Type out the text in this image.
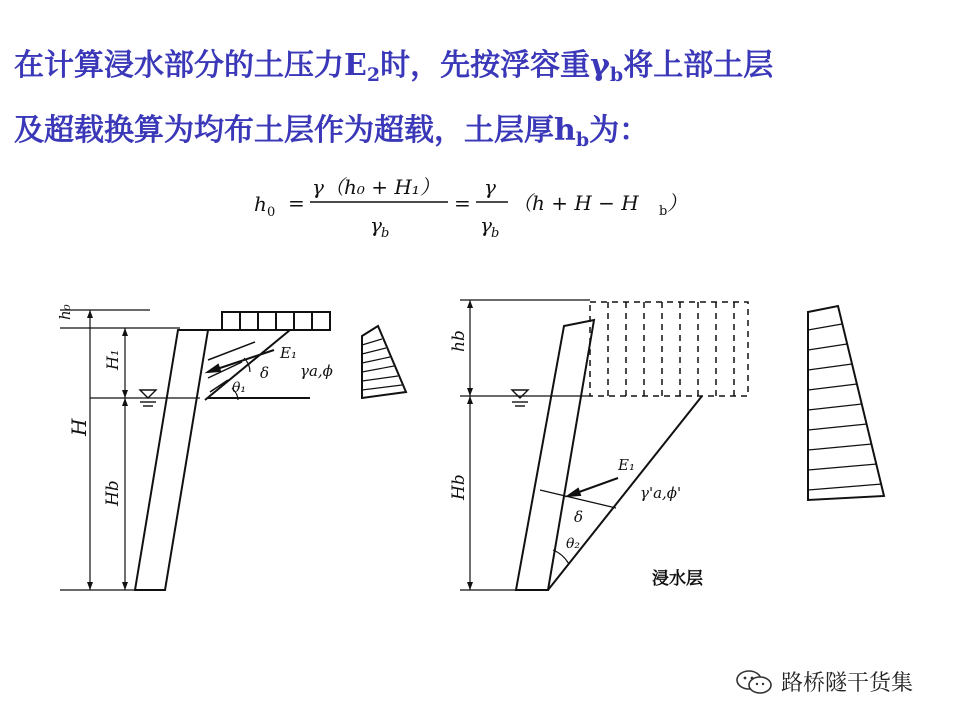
在计算浸水部分的土压力$E_2$时，先按浮容重$\gamma_b$将上部土层
及超载换算为均布土层作为超载，土层厚$h_b$为：
h 0 =
γ（h₀ + H₁）
γ b
=
γ
γ b
（h + H − H b ）
h₀
H₁
H
Hb
E₁
δ
θ₁
γa,ϕ
hb
Hb
E₁
δ
θ₂
γ'a,ϕ'
浸水层
路桥隧干货集
